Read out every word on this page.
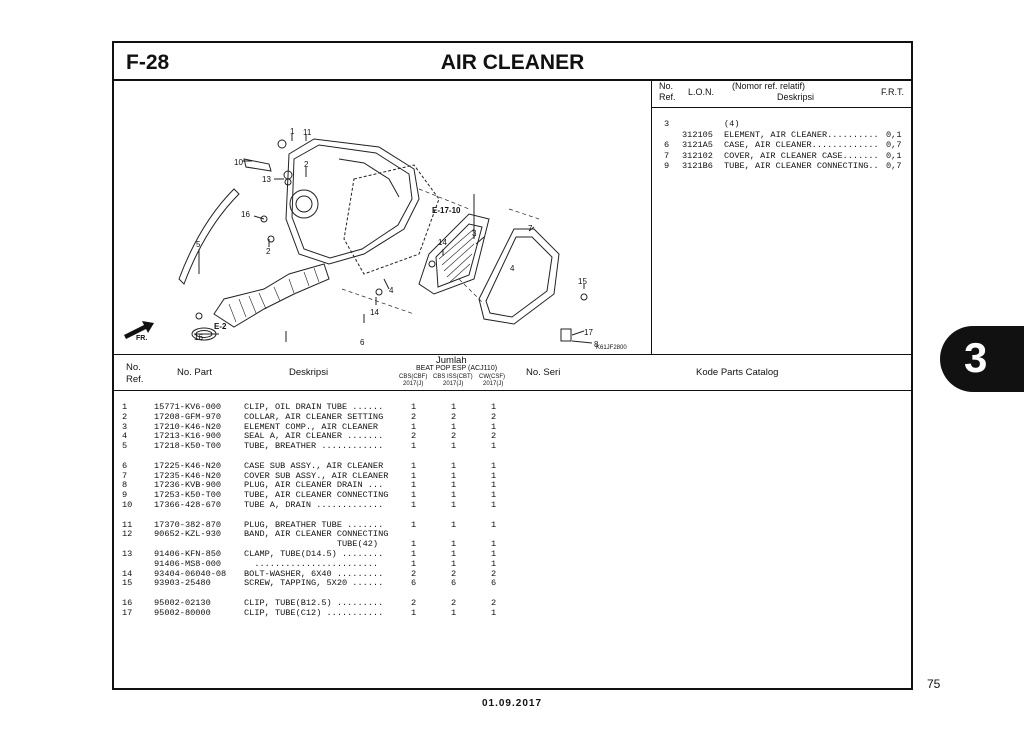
F-28	AIR CLEANER
1 11
10	2
13
16
5
2
E-17-10
3
7
14
4
4
15
14
E-2
6
16
17
8
FR.
K61JF2800
No.
Ref. L.O.N.
(Nomor ref. relatif)
Deskripsi	F.R.T.
3	(4)
312105 ELEMENT, AIR CLEANER.......... 0,1
6 3121A5 CASE, AIR CLEANER............. 0,7
7 312102 COVER, AIR CLEANER CASE....... 0,1
9 3121B6 TUBE, AIR CLEANER CONNECTING.. 0,7
No.
Ref.
No. Part	Deskripsi
Jumlah
BEAT POP ESP (ACJ110)
CBS(CBF)
2017(J)
CBS ISS(CBT)
2017(J)
CW(CSF)
2017(J)
No. Seri	Kode Parts Catalog
1	15771-KV6-000	CLIP, OIL DRAIN TUBE ......	1	1	1
2	17208-GFM-970	COLLAR, AIR CLEANER SETTING	2	2	2
3	17210-K46-N20	ELEMENT COMP., AIR CLEANER	1	1	1
4	17213-K16-900	SEAL A, AIR CLEANER .......	2	2	2
5	17218-K50-T00	TUBE, BREATHER ............	1	1	1
6	17225-K46-N20	CASE SUB ASSY., AIR CLEANER	1	1	1
7	17235-K46-N20	COVER SUB ASSY., AIR CLEANER	1	1	1
8	17236-KVB-900	PLUG, AIR CLEANER DRAIN ...	1	1	1
9	17253-K50-T00	TUBE, AIR CLEANER CONNECTING	1	1	1
10	17366-428-670	TUBE A, DRAIN .............	1	1	1
11	17370-382-870	PLUG, BREATHER TUBE .......	1	1	1
12	90652-KZL-930	BAND, AIR CLEANER CONNECTING
TUBE(42)	1	1	1
13	91406-KFN-850	CLAMP, TUBE(D14.5) ........	1	1	1
91406-MS8-000	........................	1	1	1
14	93404-06040-08 BOLT-WASHER, 6X40 .........	2	2	2
15	93903-25480	SCREW, TAPPING, 5X20 ......	6	6	6
16	95002-02130	CLIP, TUBE(B12.5) .........	2	2	2
17	95002-80000	CLIP, TUBE(C12) ...........	1	1	1
3
75
01.09.2017
